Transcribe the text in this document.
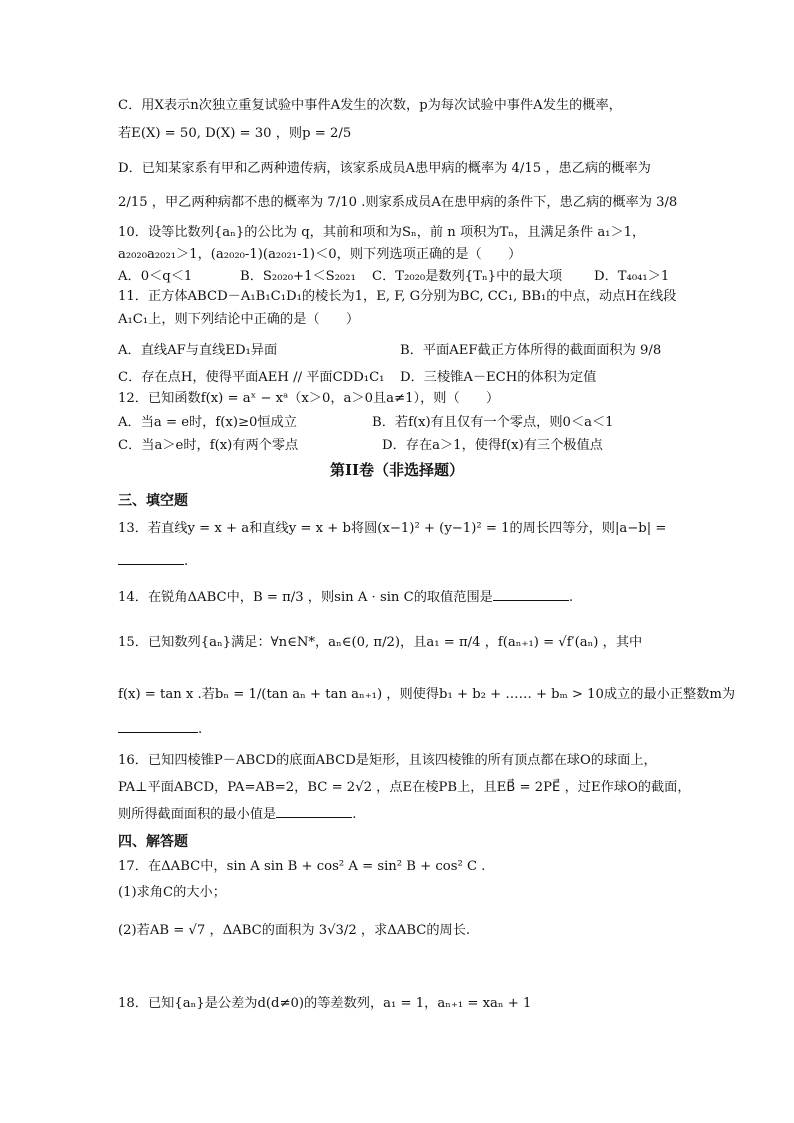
C．用X表示n次独立重复试验中事件A发生的次数，p为每次试验中事件A发生的概率，
若E(X) = 50, D(X) = 30 ，则p = 2/5
D．已知某家系有甲和乙两种遗传病，该家系成员A患甲病的概率为 4/15 ，患乙病的概率为
2/15 ，甲乙两种病都不患的概率为 7/10 .则家系成员A在患甲病的条件下，患乙病的概率为 3/8
10．设等比数列{aₙ}的公比为 q，其前和项和为Sₙ，前 n 项积为Tₙ，且满足条件 a₁＞1，
a₂₀₂₀a₂₀₂₁＞1，(a₂₀₂₀-1)(a₂₀₂₁-1)＜0，则下列选项正确的是（　　）
A．0＜q＜1	B．S₂₀₂₀+1＜S₂₀₂₁ C．T₂₀₂₀是数列{Tₙ}中的最大项 D．T₄₀₄₁＞1
11．正方体ABCD－A₁B₁C₁D₁的棱长为1，E, F, G分别为BC, CC₁, BB₁的中点，动点H在线段
A₁C₁上，则下列结论中正确的是（　　）
A．直线AF与直线ED₁异面	B．平面AEF截正方体所得的截面面积为 9/8
C．存在点H，使得平面AEH // 平面CDD₁C₁ D．三棱锥A－ECH的体积为定值
12．已知函数f(x) = aˣ − xᵃ（x＞0，a＞0且a≠1），则（　　）
A．当a = e时，f(x)≥0恒成立	B．若f(x)有且仅有一个零点，则0＜a＜1
C．当a＞e时，f(x)有两个零点	D．存在a＞1，使得f(x)有三个极值点
第II卷（非选择题）
三、填空题
13．若直线y = x + a和直线y = x + b将圆(x−1)² + (y−1)² = 1的周长四等分，则|a−b| =
.
14．在锐角ΔABC中，B = π/3 ，则sin A · sin C的取值范围是	.
15．已知数列{aₙ}满足：∀n∈N*，aₙ∈(0, π/2)，且a₁ = π/4 ，f(aₙ₊₁) = √f′(aₙ) ，其中
f(x) = tan x .若bₙ = 1/(tan aₙ + tan aₙ₊₁) ，则使得b₁ + b₂ + …… + bₘ > 10成立的最小正整数m为
.
16．已知四棱锥P－ABCD的底面ABCD是矩形，且该四棱锥的所有顶点都在球O的球面上，
PA⊥平面ABCD，PA=AB=2，BC = 2√2 ，点E在棱PB上，且EB⃗ = 2PE⃗ ，过E作球O的截面，
则所得截面面积的最小值是	.
四、解答题
17．在ΔABC中，sin A sin B + cos² A = sin² B + cos² C .
(1)求角C的大小；
(2)若AB = √7 ，ΔABC的面积为 3√3/2 ，求ΔABC的周长.
18．已知{aₙ}是公差为d(d≠0)的等差数列，a₁ = 1，aₙ₊₁ = xaₙ + 1
